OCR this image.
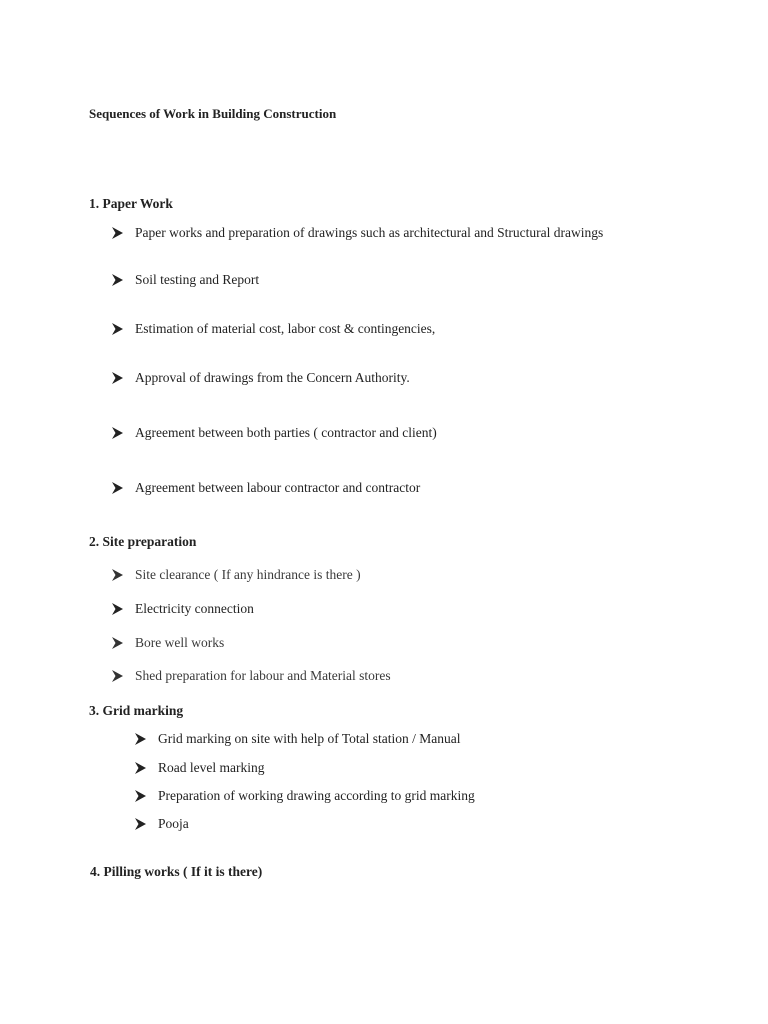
Sequences of Work in Building Construction
1. Paper Work
Paper works and preparation of drawings such as architectural and Structural drawings
Soil testing and Report
Estimation of material cost, labor cost & contingencies,
Approval of drawings from the Concern Authority.
Agreement between both parties ( contractor and client)
Agreement between labour contractor and contractor
2. Site preparation
Site clearance ( If any hindrance is there )
Electricity connection
Bore well works
Shed preparation for labour and Material stores
3. Grid marking
Grid marking on site with help of Total station / Manual
Road level marking
Preparation of working drawing according to grid marking
Pooja
4. Pilling works ( If it is there)
